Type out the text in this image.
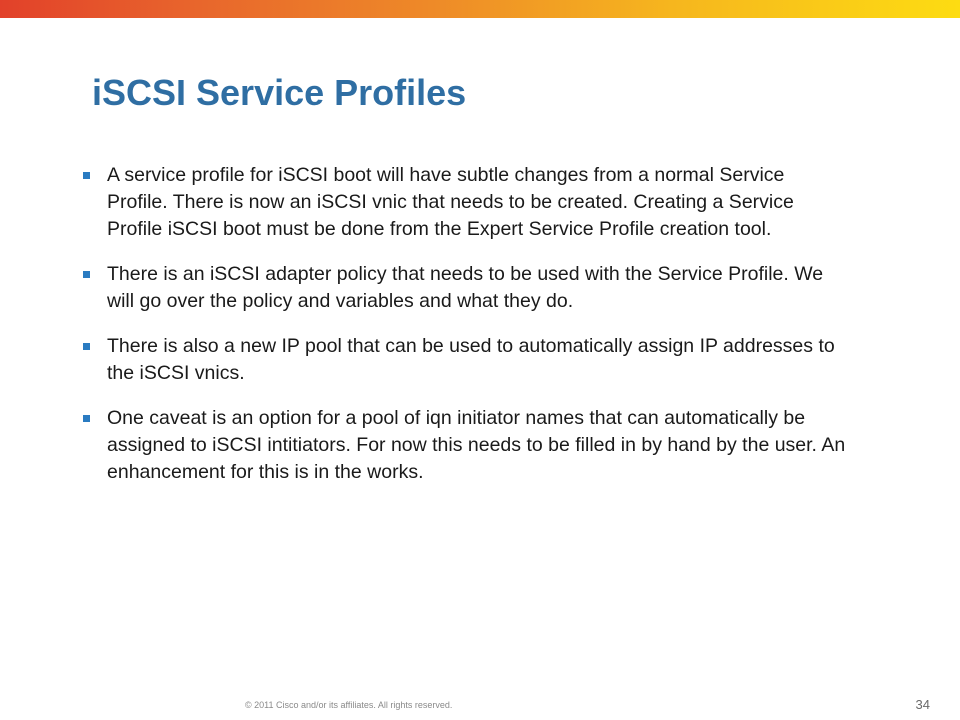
iSCSI Service Profiles
A service profile for iSCSI boot will have subtle changes from a normal Service Profile. There is now an iSCSI vnic that needs to be created. Creating a Service Profile iSCSI boot must be done from the Expert Service Profile creation tool.
There is an iSCSI adapter policy that needs to be used with the Service Profile. We will go over the policy and variables and what they do.
There is also a new IP pool that can be used to automatically assign IP addresses to the iSCSI vnics.
One caveat is an option for a pool of iqn initiator names that can automatically be assigned to iSCSI intitiators. For now this needs to be filled in by hand by the user. An enhancement for this is in the works.
© 2011 Cisco and/or its affiliates. All rights reserved.	34
